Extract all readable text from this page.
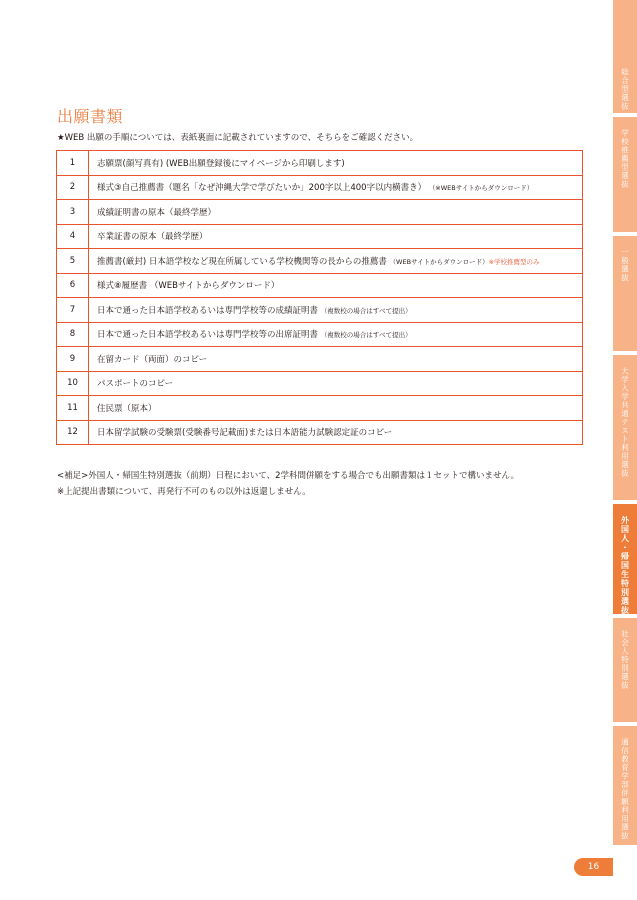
出願書類
★WEB 出願の手順については、表紙裏面に記載されていますので、そちらをご確認ください。
1	志願票(顔写真有) (WEB出願登録後にマイページから印刷します)
2	様式③自己推薦書（題名「なぜ沖縄大学で学びたいか」200字以上400字以内横書き） （※WEBサイトからダウンロード）
3	成績証明書の原本（最終学歴）
4	卒業証書の原本（最終学歴）
5	推薦書(厳封) 日本語学校など現在所属している学校機関等の長からの推薦書 （WEBサイトからダウンロード）※学校推薦型のみ
6	様式⑧履歴書 （WEBサイトからダウンロード）
7	日本で通った日本語学校あるいは専門学校等の成績証明書 （複数校の場合はすべて提出）
8	日本で通った日本語学校あるいは専門学校等の出席証明書 （複数校の場合はすべて提出）
9	在留カード（両面）のコピー
10	パスポートのコピー
11	住民票（原本）
12	日本留学試験の受験票(受験番号記載面)または日本語能力試験認定証のコピー
<補足>外国人・帰国生特別選抜（前期）日程において、2学科間併願をする場合でも出願書類は１セットで構いません。
※上記提出書類について、再発行不可のもの以外は返還しません。
総合型選抜
学校推薦型選抜
一般選抜
大学入学共通テスト利用選抜
外国人・帰国生特別選抜
社会人特別選抜
通信教育学部併願利用選抜
16
